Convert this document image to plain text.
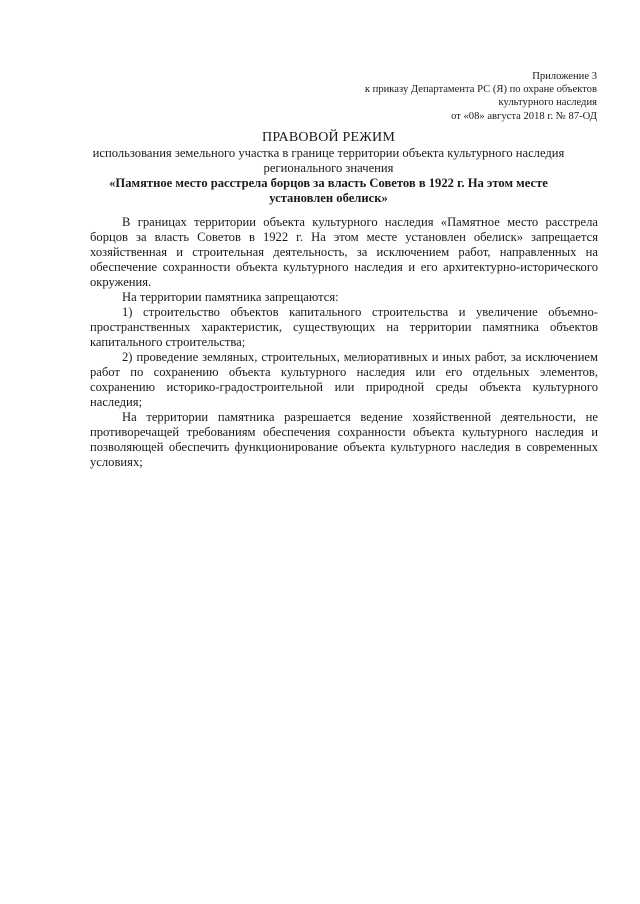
Приложение 3
к приказу Департамента РС (Я) по охране объектов
культурного наследия
от «08» августа 2018 г. № 87-ОД
ПРАВОВОЙ РЕЖИМ
использования земельного участка в границе территории объекта культурного наследия
регионального значения
«Памятное место расстрела борцов за власть Советов в 1922 г. На этом месте
установлен обелиск»

В границах территории объекта культурного наследия «Памятное место расстрела борцов за власть Советов в 1922 г. На этом месте установлен обелиск» запрещается хозяйственная и строительная деятельность, за исключением работ, направленных на обеспечение сохранности объекта культурного наследия и его архитектурно-исторического окружения.

На территории памятника запрещаются:

1) строительство объектов капитального строительства и увеличение объемно-пространственных характеристик, существующих на территории памятника объектов капитального строительства;

2) проведение земляных, строительных, мелиоративных и иных работ, за исключением работ по сохранению объекта культурного наследия или его отдельных элементов, сохранению историко-градостроительной или природной среды объекта культурного наследия;

На территории памятника разрешается ведение хозяйственной деятельности, не противоречащей требованиям обеспечения сохранности объекта культурного наследия и позволяющей обеспечить функционирование объекта культурного наследия в современных условиях;
